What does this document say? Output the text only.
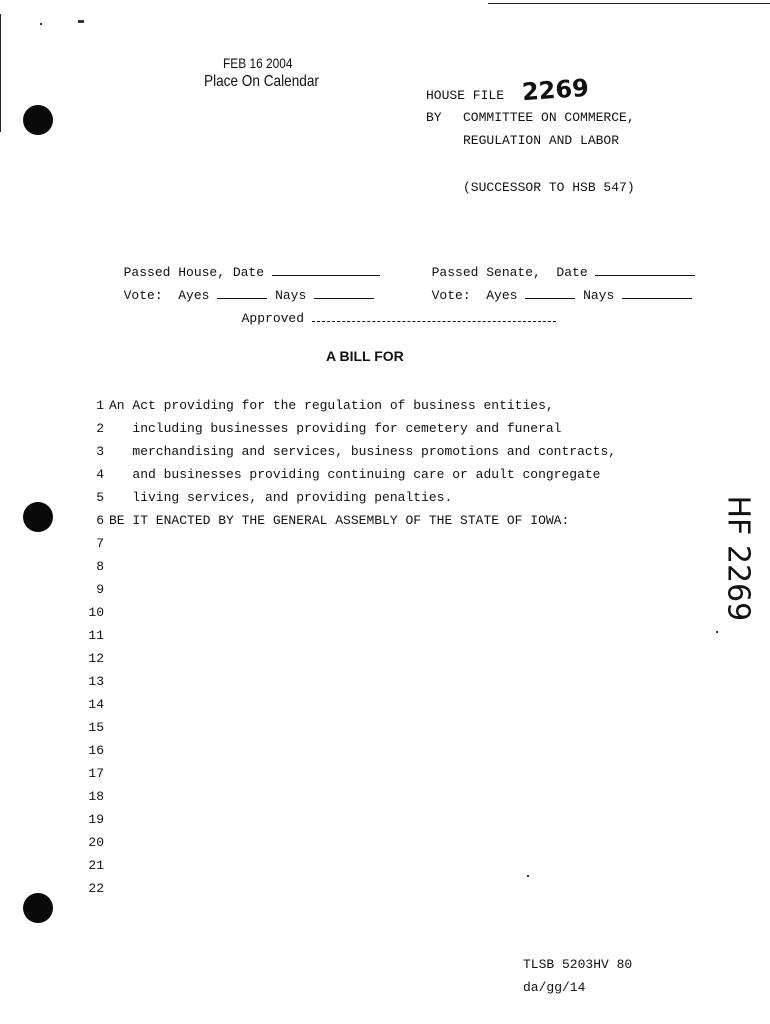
FEB 16 2004
Place On Calendar
HOUSE FILE 2269
BY COMMITTEE ON COMMERCE,
REGULATION AND LABOR
(SUCCESSOR TO HSB 547)

Passed House, Date	Passed Senate,  Date

Vote:  Ayes	Nays	Vote:  Ayes	Nays

Approved

A BILL FOR
1 An Act providing for the regulation of business entities,
2 including businesses providing for cemetery and funeral
3 merchandising and services, business promotions and contracts,
4 and businesses providing continuing care or adult congregate
5 living services, and providing penalties.
6 BE IT ENACTED BY THE GENERAL ASSEMBLY OF THE STATE OF IOWA:
7
8
9
10
11
12
13
14
15
16
17
18
19
20
21
22
HF 2269
TLSB 5203HV 80
da/gg/14
